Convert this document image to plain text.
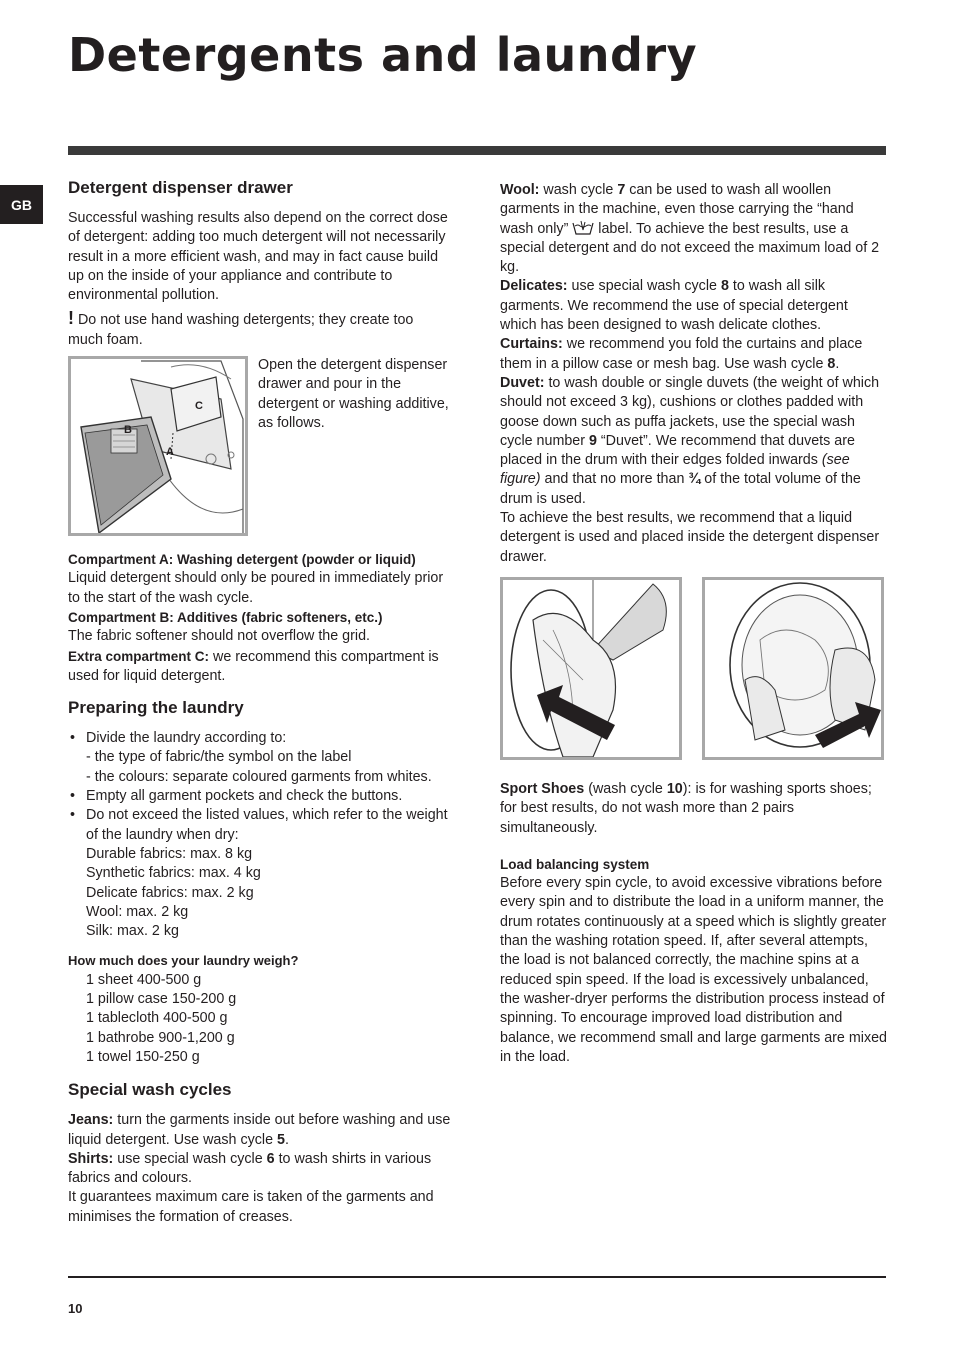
Detergents and laundry
GB
Detergent dispenser drawer

Successful washing results also depend on the correct dose of detergent: adding too much detergent will not necessarily result in a more efficient wash, and may in fact cause build up on the inside of your appliance and contribute to environmental pollution.

! Do not use hand washing detergents; they create too much foam.

C
B
A

Open the detergent dispenser drawer and pour in the detergent or washing additive, as follows.

Compartment A: Washing detergent (powder or liquid)

Liquid detergent should only be poured in immediately prior to the start of the wash cycle.

Compartment B: Additives (fabric softeners, etc.)

The fabric softener should not overflow the grid.

Extra compartment C: we recommend this compartment is used for liquid detergent.

Preparing the laundry
• Divide the laundry according to:
- the type of fabric/the symbol on the label
- the colours: separate coloured garments from whites.
• Empty all garment pockets and check the buttons.
• Do not exceed the listed values, which refer to the weight of the laundry when dry:
Durable fabrics: max. 8 kg
Synthetic fabrics: max. 4 kg
Delicate fabrics: max. 2 kg
Wool: max. 2 kg
Silk: max. 2 kg

How much does your laundry weigh?

1 sheet 400-500 g
1 pillow case 150-200 g
1 tablecloth 400-500 g
1 bathrobe 900-1,200 g
1 towel 150-250 g
Special wash cycles

Jeans: turn the garments inside out before washing and use liquid detergent. Use wash cycle 5.

Shirts: use special wash cycle 6 to wash shirts in various fabrics and colours.

It guarantees maximum care is taken of the garments and minimises the formation of creases.

Wool: wash cycle 7 can be used to wash all woollen garments in the machine, even those carrying the “hand wash only”  label. To achieve the best results, use a special detergent and do not exceed the maximum load of 2 kg.

Delicates: use special wash cycle 8 to wash all silk garments. We recommend the use of special detergent which has been designed to wash delicate clothes.

Curtains: we recommend you fold the curtains and place them in a pillow case or mesh bag. Use wash cycle 8.

Duvet: to wash double or single duvets (the weight of which should not exceed 3 kg), cushions or clothes padded with goose down such as puffa jackets, use the special wash cycle number 9 “Duvet”. We recommend that duvets are placed in the drum with their edges folded inwards (see figure) and that no more than ¾ of the total volume of the drum is used.

To achieve the best results, we recommend that a liquid detergent is used and placed inside the detergent dispenser drawer.

Sport Shoes (wash cycle 10): is for washing sports shoes; for best results, do not wash more than 2 pairs simultaneously.

Load balancing system

Before every spin cycle, to avoid excessive vibrations before every spin and to distribute the load in a uniform manner, the drum rotates continuously at a speed which is slightly greater than the washing rotation speed. If, after several attempts, the load is not balanced correctly, the machine spins at a reduced spin speed. If the load is excessively unbalanced, the washer-dryer performs the distribution process instead of spinning. To encourage improved load distribution and balance, we recommend small and large garments are mixed in the load.

10
